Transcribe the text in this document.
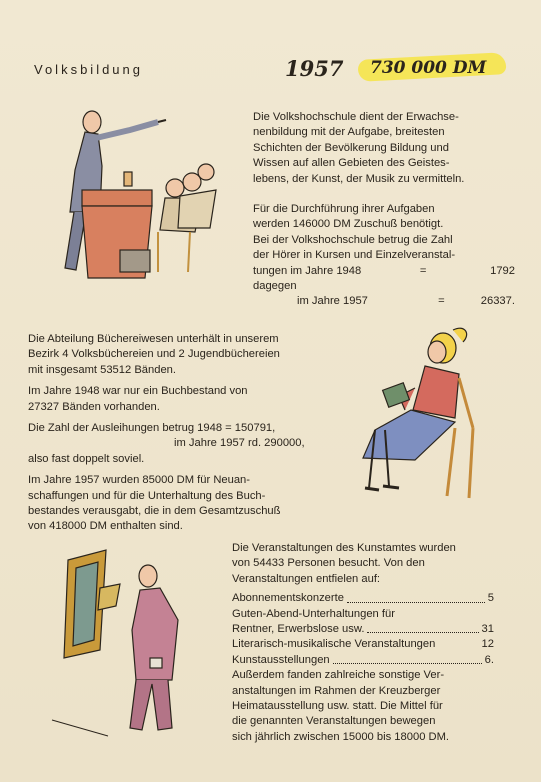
Volksbildung	1957 730 000 DM

Die Volkshochschule dient der Erwachse-

nenbildung mit der Aufgabe, breitesten

Schichten der Bevölkerung Bildung und

Wissen auf allen Gebieten des Geistes-

lebens, der Kunst, der Musik zu vermitteln.

Für die Durchführung ihrer Aufgaben

werden 146000 DM Zuschuß benötigt.

Bei der Volkshochschule betrug die Zahl

der Hörer in Kursen und Einzelveranstal-

tungen im Jahre 1948	=	1792

dagegen

im Jahre 1957	=	26337.

Die Abteilung Büchereiwesen unterhält in unserem

Bezirk 4 Volksbüchereien und 2 Jugendbüchereien

mit insgesamt 53512 Bänden.

Im Jahre 1948 war nur ein Buchbestand von

27327 Bänden vorhanden.

Die Zahl der Ausleihungen betrug 1948 = 150791,

im Jahre 1957 rd. 290000,

also fast doppelt soviel.

Im Jahre 1957 wurden 85000 DM für Neuan-

schaffungen und für die Unterhaltung des Buch-

bestandes verausgabt, die in dem Gesamtzuschuß

von 418000 DM enthalten sind.

Die Veranstaltungen des Kunstamtes wurden

von 54433 Personen besucht. Von den

Veranstaltungen entfielen auf:

Abonnementskonzerte	5
Guten-Abend-Unterhaltungen für
Rentner, Erwerbslose usw.	31
Literarisch-musikalische Veranstaltungen	12
Kunstausstellungen	6.

Außerdem fanden zahlreiche sonstige Ver-

anstaltungen im Rahmen der Kreuzberger

Heimatausstellung usw. statt. Die Mittel für

die genannten Veranstaltungen bewegen

sich jährlich zwischen 15000 bis 18000 DM.
